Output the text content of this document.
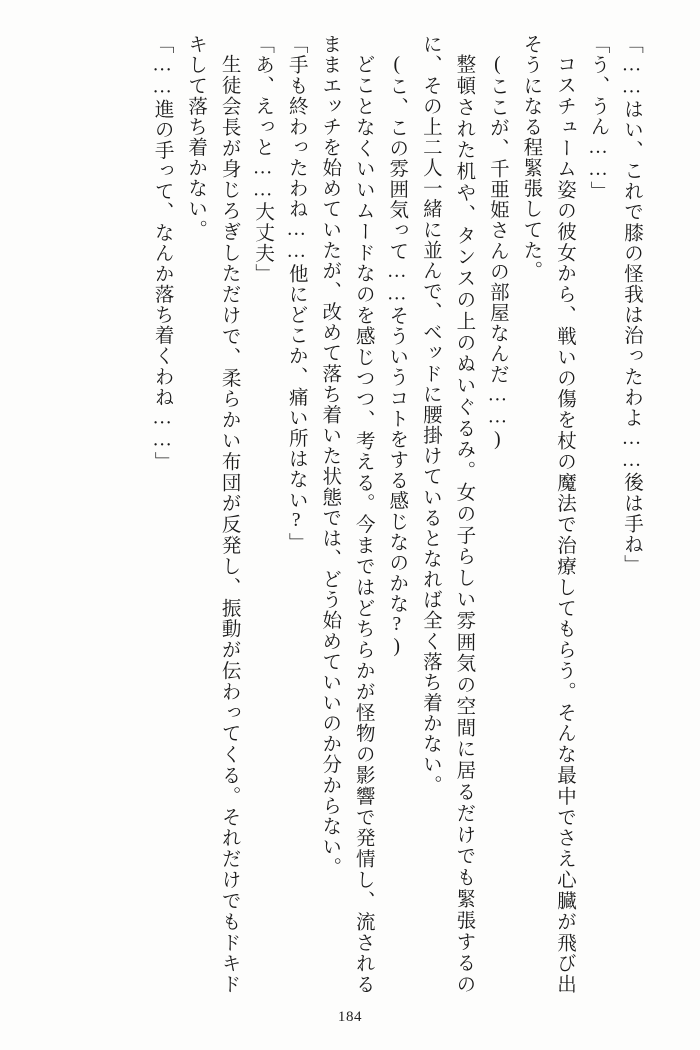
「……はい、これで膝の怪我は治ったわよ……後は手ね」

「う、うん……」

コスチューム姿の彼女から、戦いの傷を杖の魔法で治療してもらう。そんな最中でさえ心臓が飛び出そうになる程緊張してた。

(ここが、千亜姫さんの部屋なんだ……)

整頓された机や、タンスの上のぬいぐるみ。女の子らしい雰囲気の空間に居るだけでも緊張するのに、その上二人一緒に並んで、ベッドに腰掛けているとなれば全く落ち着かない。

(こ、この雰囲気って……そういうコトをする感じなのかな?)

どことなくいいムードなのを感じつつ、考える。今まではどちらかが怪物の影響で発情し、流されるままエッチを始めていたが、改めて落ち着いた状態では、どう始めていいのか分からない。

「手も終わったわね……他にどこか、痛い所はない?」

「あ、えっと……大丈夫」

生徒会長が身じろぎしただけで、柔らかい布団が反発し、振動が伝わってくる。それだけでもドキドキして落ち着かない。

「……進の手って、なんか落ち着くわね……」

184
